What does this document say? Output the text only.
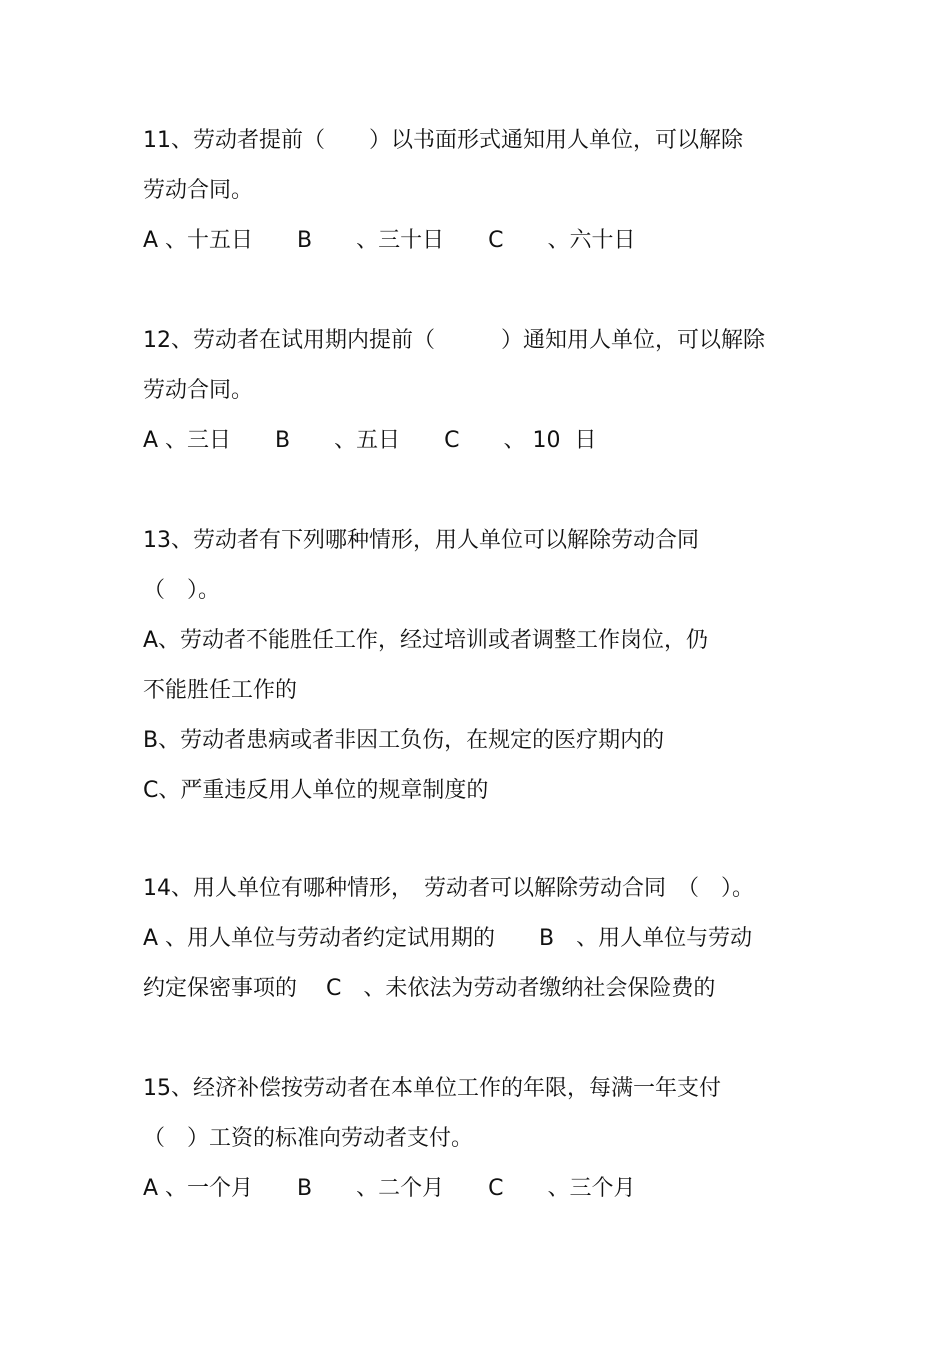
11、劳动者提前（　　）以书面形式通知用人单位，可以解除
劳动合同。
A 、十五日　　B　　、三十日　　C　　、六十日
12、劳动者在试用期内提前（　　　）通知用人单位，可以解除
劳动合同。
A 、三日　　B　　、五日　　C　　、 10  日
13、劳动者有下列哪种情形，用人单位可以解除劳动合同
（　）。
A、劳动者不能胜任工作，经过培训或者调整工作岗位，仍
不能胜任工作的
B、劳动者患病或者非因工负伤，在规定的医疗期内的
C、严重违反用人单位的规章制度的
14、用人单位有哪种情形，　劳动者可以解除劳动合同　（　）。
A 、用人单位与劳动者约定试用期的　　B　、用人单位与劳动
约定保密事项的　 C　、未依法为劳动者缴纳社会保险费的
15、经济补偿按劳动者在本单位工作的年限，每满一年支付
（　）工资的标准向劳动者支付。
A 、一个月　　B　　、二个月　　C　　、三个月
